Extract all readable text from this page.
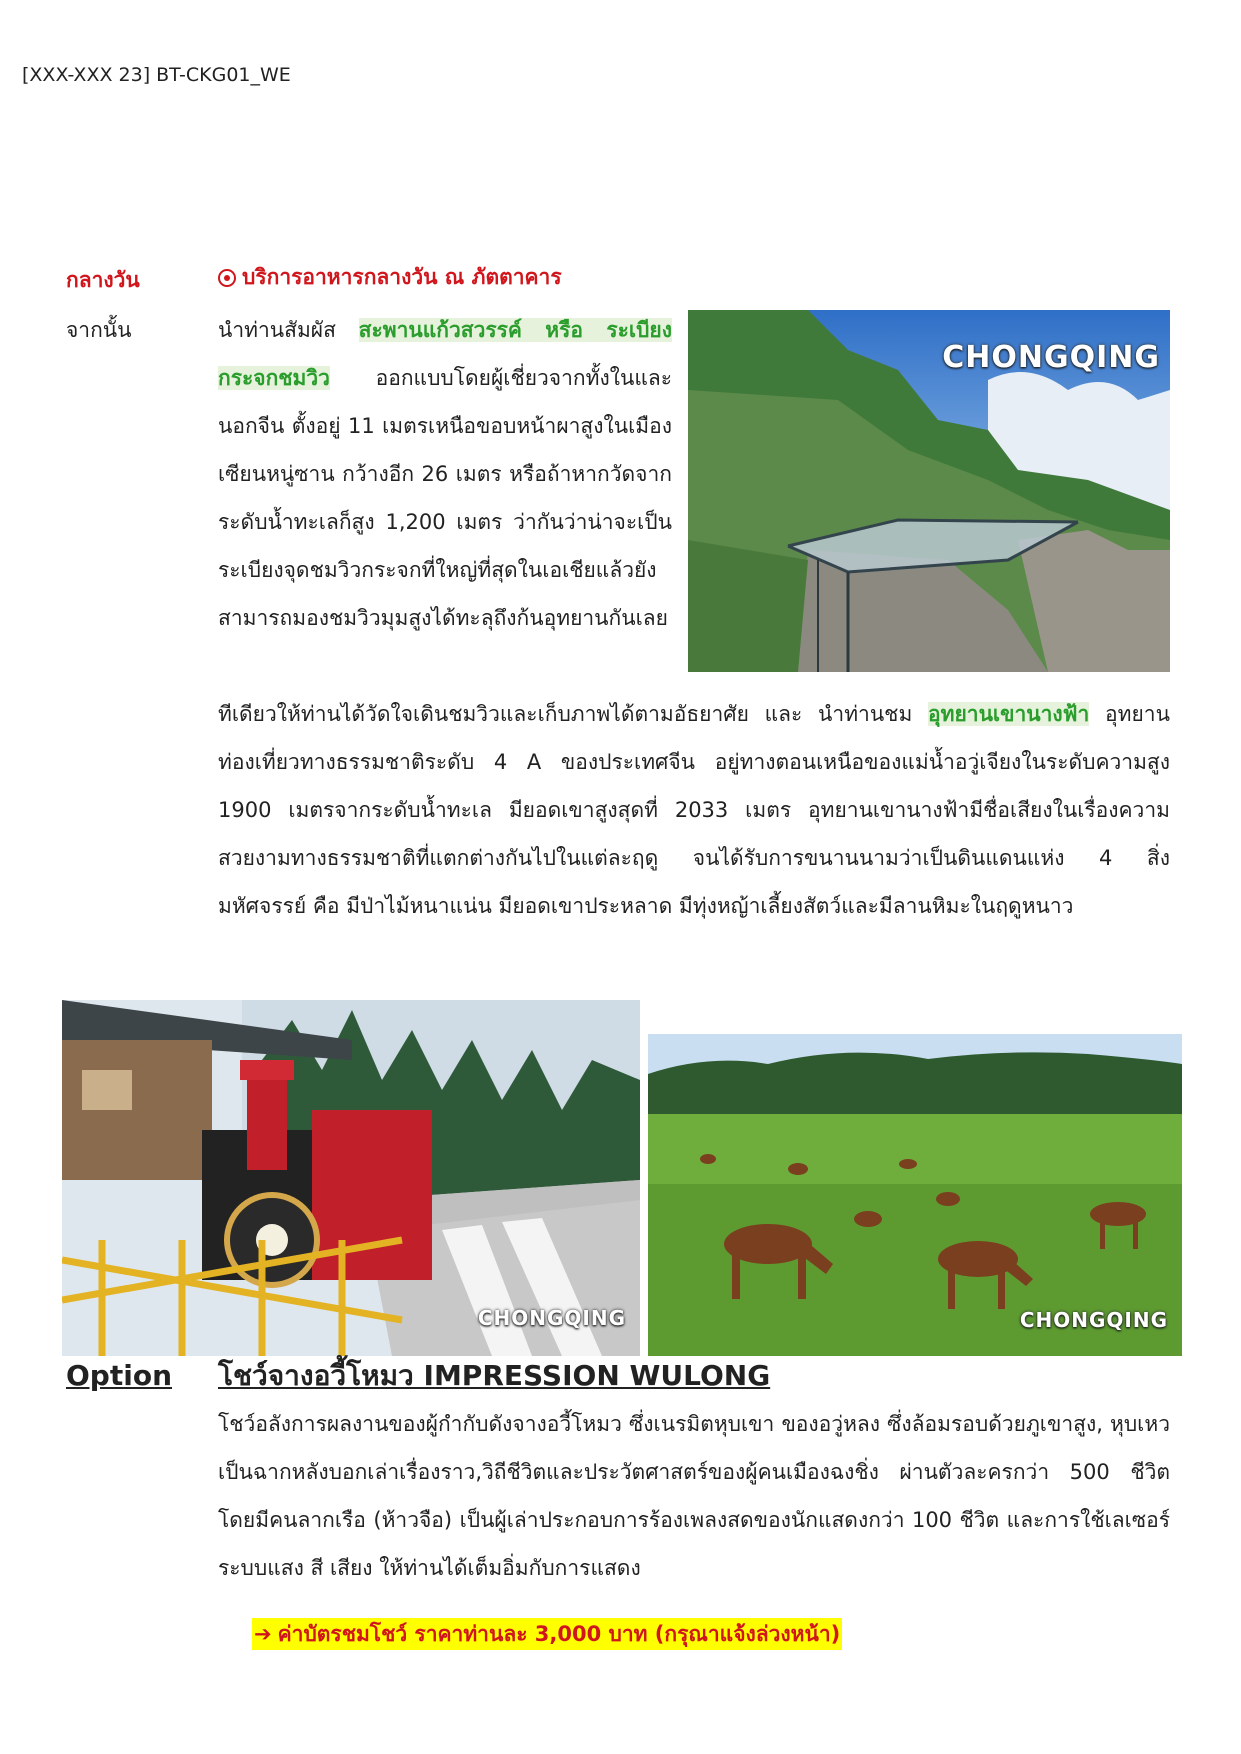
[XXX-XXX 23] BT-CKG01_WE
กลางวัน	บริการอาหารกลางวัน ณ ภัตตาคาร
จากนั้น	นำท่านสัมผัส สะพานแก้วสวรรค์ หรือ ระเบียงกระจกชมวิว ออกแบบโดยผู้เชี่ยวจากทั้งในและนอกจีน ตั้งอยู่ 11 เมตรเหนือขอบหน้าผาสูงในเมืองเซียนหนู่ซาน กว้างอีก 26 เมตร หรือถ้าหากวัดจากระดับน้ำทะเลก็สูง 1,200 เมตร ว่ากันว่าน่าจะเป็นระเบียงจุดชมวิวกระจกที่ใหญ่ที่สุดในเอเชียแล้วยังสามารถมองชมวิวมุมสูงได้ทะลุถึงก้นอุทยานกันเลย
CHONGQING
ทีเดียวให้ท่านได้วัดใจเดินชมวิวและเก็บภาพได้ตามอัธยาศัย และ นำท่านชม อุทยานเขานางฟ้า อุทยานท่องเที่ยวทางธรรมชาติระดับ 4 A ของประเทศจีน อยู่ทางตอนเหนือของแม่น้ำอวู่เจียงในระดับความสูง 1900 เมตรจากระดับน้ำทะเล มียอดเขาสูงสุดที่ 2033 เมตร อุทยานเขานางฟ้ามีชื่อเสียงในเรื่องความสวยงามทางธรรมชาติที่แตกต่างกันไปในแต่ละฤดู จนได้รับการขนานนามว่าเป็นดินแดนแห่ง 4 สิ่งมหัศจรรย์ คือ มีป่าไม้หนาแน่น มียอดเขาประหลาด มีทุ่งหญ้าเลี้ยงสัตว์และมีลานหิมะในฤดูหนาว
CHONGQING	CHONGQING
Option โชว์จางอวี้โหมว IMPRESSION WULONG
โชว์อลังการผลงานของผู้กำกับดังจางอวี้โหมว ซึ่งเนรมิตหุบเขา ของอวู่หลง ซึ่งล้อมรอบด้วยภูเขาสูง, หุบเหว เป็นฉากหลังบอกเล่าเรื่องราว,วิถีชีวิตและประวัตศาสตร์ของผู้คนเมืองฉงชิ่ง ผ่านตัวละครกว่า 500 ชีวิต โดยมีคนลากเรือ (ห้าวจือ) เป็นผู้เล่าประกอบการร้องเพลงสดของนักแสดงกว่า 100 ชีวิต และการใช้เลเซอร์ ระบบแสง สี เสียง ให้ท่านได้เต็มอิ่มกับการแสดง
➔ ค่าบัตรชมโชว์ ราคาท่านละ 3,000 บาท (กรุณาแจ้งล่วงหน้า)
